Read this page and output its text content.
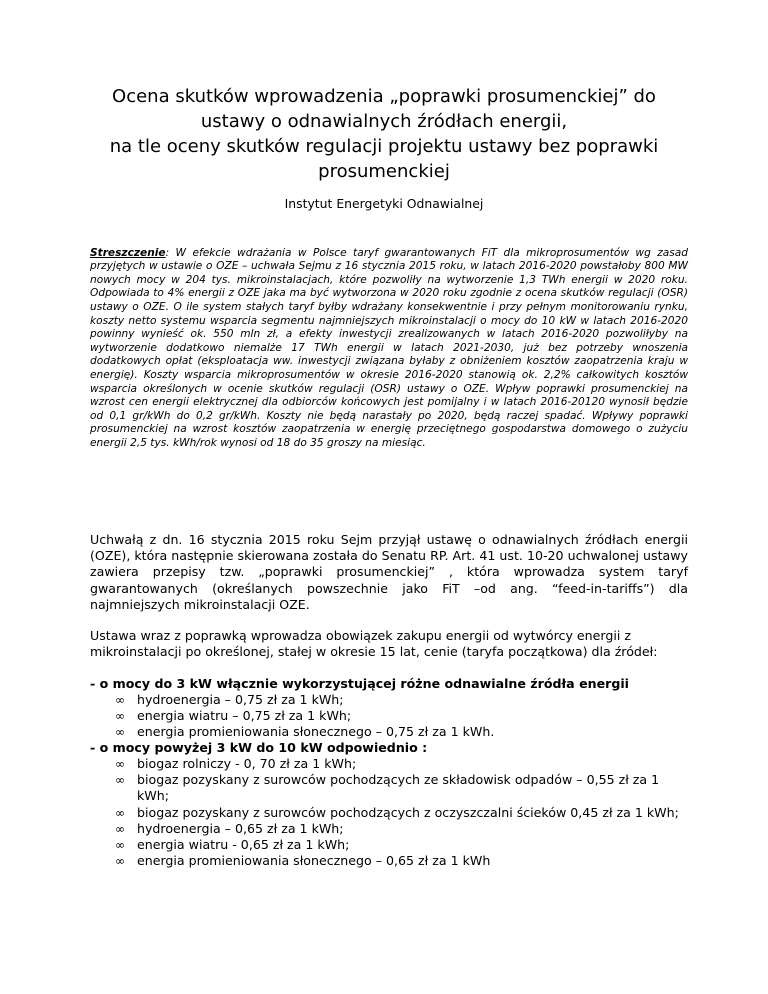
Ocena skutków wprowadzenia „poprawki prosumenckiej” do
ustawy o odnawialnych źródłach energii,
na tle oceny skutków regulacji projektu ustawy bez poprawki
prosumenckiej
Instytut Energetyki Odnawialnej

Streszczenie: W efekcie wdrażania w Polsce taryf gwarantowanych FiT dla mikroprosumentów wg zasad przyjętych w ustawie o OZE – uchwała Sejmu z 16 stycznia 2015 roku, w latach 2016-2020 powstałoby 800 MW nowych mocy w 204 tys. mikroinstalacjach, które pozwoliły na wytworzenie 1,3 TWh energii w 2020 roku. Odpowiada to 4% energii z OZE jaka ma być wytworzona w 2020 roku zgodnie z ocena skutków regulacji (OSR) ustawy o OZE. O ile system stałych taryf byłby wdrażany konsekwentnie i przy pełnym monitorowaniu rynku, koszty netto systemu wsparcia segmentu najmniejszych mikroinstalacji o mocy do 10 kW w latach 2016-2020 powinny wynieść ok. 550 mln zł, a efekty inwestycji zrealizowanych w latach 2016-2020 pozwoliłyby na wytworzenie dodatkowo niemalże 17 TWh energii w latach 2021-2030, już bez potrzeby wnoszenia dodatkowych opłat (eksploatacja ww. inwestycji związana byłaby z obniżeniem kosztów zaopatrzenia kraju w energię). Koszty wsparcia mikroprosumentów w okresie 2016-2020 stanowią ok. 2,2% całkowitych kosztów wsparcia określonych w ocenie skutków regulacji (OSR) ustawy o OZE. Wpływ poprawki prosumenckiej na wzrost cen energii elektrycznej dla odbiorców końcowych jest pomijalny i w latach 2016-20120 wynosił będzie od 0,1 gr/kWh do 0,2 gr/kWh. Koszty nie będą narastały po 2020, będą raczej spadać. Wpływy poprawki prosumenckiej na wzrost kosztów zaopatrzenia w energię przeciętnego gospodarstwa domowego o zużyciu energii 2,5 tys. kWh/rok wynosi od 18 do 35 groszy na miesiąc.

Uchwałą z dn. 16 stycznia 2015 roku Sejm przyjął ustawę o odnawialnych źródłach energii (OZE), która następnie skierowana została do Senatu RP. Art. 41 ust. 10-20 uchwalonej ustawy zawiera przepisy tzw. „poprawki prosumenckiej” , która wprowadza system taryf gwarantowanych (określanych powszechnie jako FiT –od ang. “feed-in-tariffs”) dla najmniejszych mikroinstalacji OZE.

Ustawa wraz z poprawką wprowadza obowiązek zakupu energii od wytwórcy energii z mikroinstalacji po określonej, stałej w okresie 15 lat, cenie (taryfa początkowa) dla źródeł:

- o mocy do 3 kW włącznie wykorzystującej różne odnawialne źródła energii

∞ hydroenergia – 0,75 zł za 1 kWh;
∞ energia wiatru – 0,75 zł za 1 kWh;
∞ energia promieniowania słonecznego – 0,75 zł za 1 kWh.

- o mocy powyżej 3 kW do 10 kW odpowiednio :

∞ biogaz rolniczy - 0, 70 zł za 1 kWh;
∞ biogaz pozyskany z surowców pochodzących ze składowisk odpadów – 0,55 zł za 1 kWh;
∞ biogaz pozyskany z surowców pochodzących z oczyszczalni ścieków 0,45 zł za 1 kWh;
∞ hydroenergia – 0,65 zł za 1 kWh;
∞ energia wiatru - 0,65 zł za 1 kWh;
∞ energia promieniowania słonecznego – 0,65 zł za 1 kWh
